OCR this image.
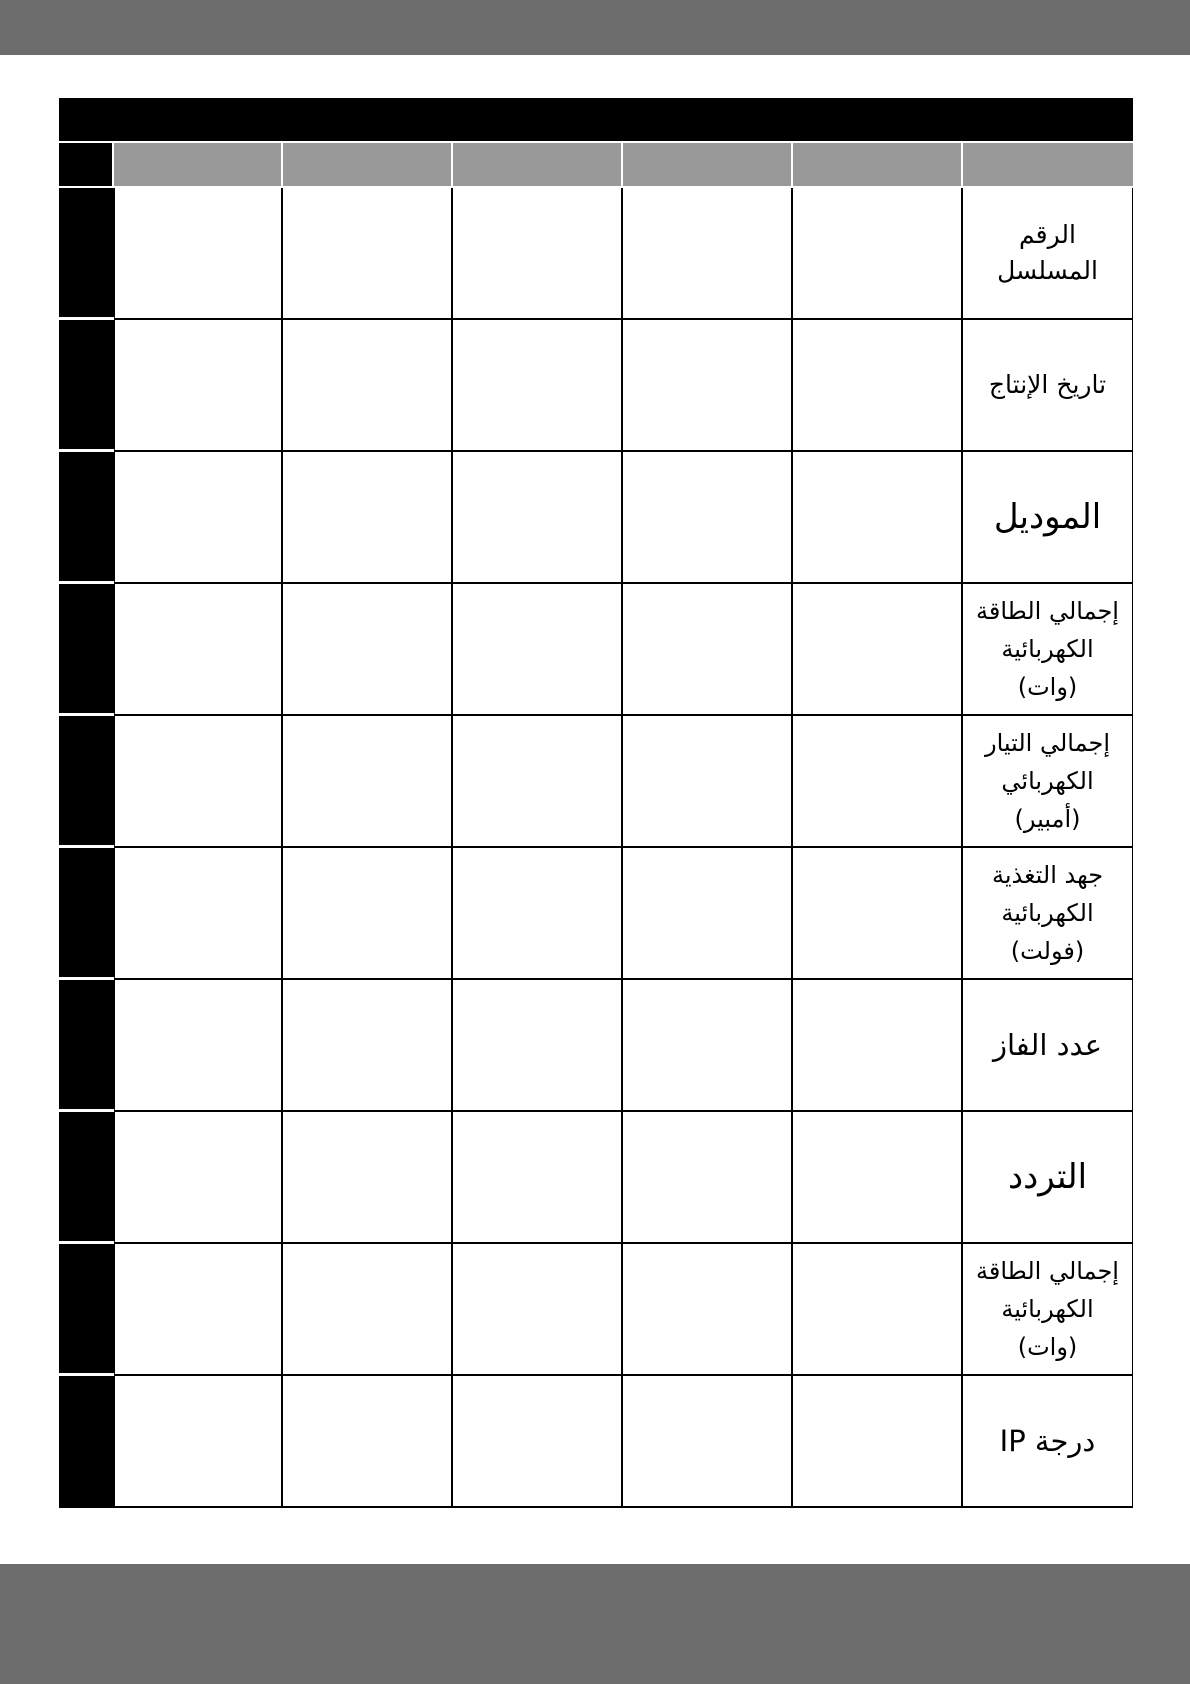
الرقم المسلسل
تاريخ الإنتاج
الموديل
إجمالي الطاقة الكهربائية (وات)
إجمالي التيار الكهربائي (أمبير)
جهد التغذية الكهربائية (فولت)
عدد الفاز
التردد
إجمالي الطاقة الكهربائية (وات)
درجة IP
